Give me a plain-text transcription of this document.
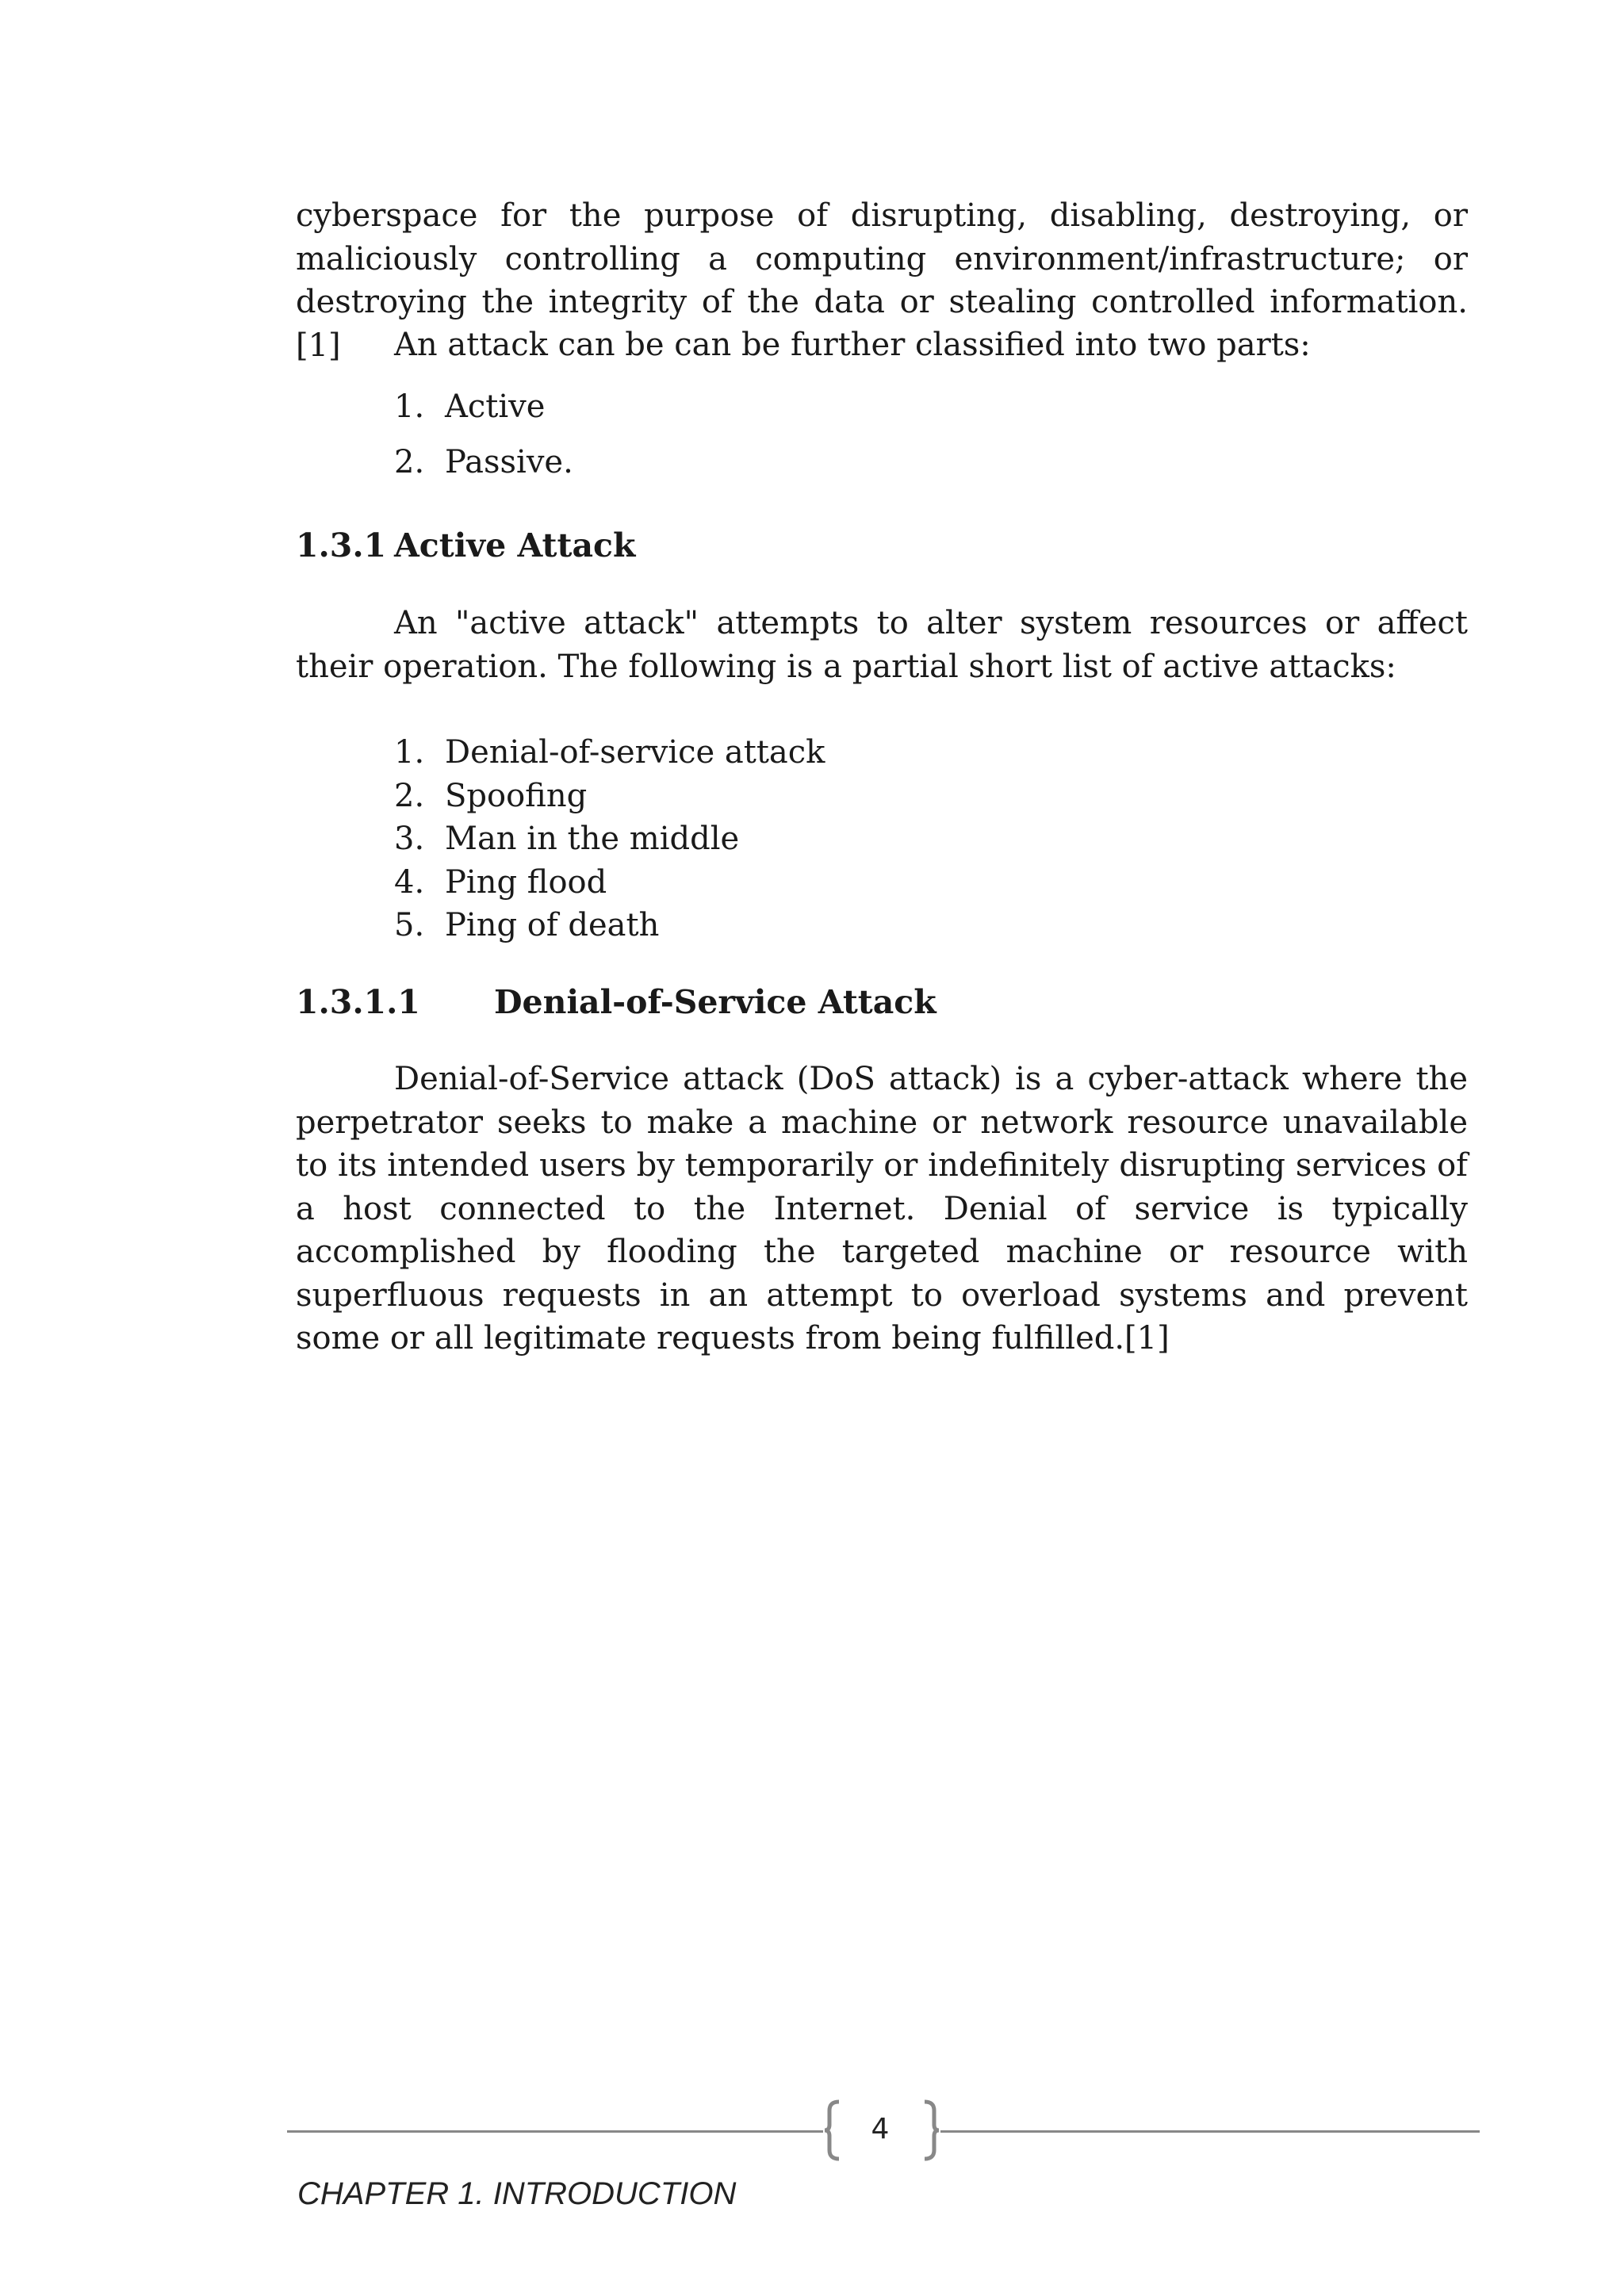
cyberspace for the purpose of disrupting, disabling, destroying, or maliciously controlling a computing environment/infrastructure; or destroying the integrity of the data or stealing controlled information.[1]	An attack can be can be further classified into two parts:

1. Active
2. Passive.
1.3.1 Active Attack

An "active attack" attempts to alter system resources or affect their operation. The following is a partial short list of active attacks:

1. Denial-of-service attack
2. Spoofing
3. Man in the middle
4. Ping flood
5. Ping of death
1.3.1.1 Denial-of-Service Attack

Denial-of-Service attack (DoS attack) is a cyber-attack where the perpetrator seeks to make a machine or network resource unavailable to its intended users by temporarily or indefinitely disrupting services of a host connected to the Internet. Denial of service is typically accomplished by flooding the targeted machine or resource with superfluous requests in an attempt to overload systems and prevent some or all legitimate requests from being fulfilled.[1]

4
CHAPTER 1. INTRODUCTION
